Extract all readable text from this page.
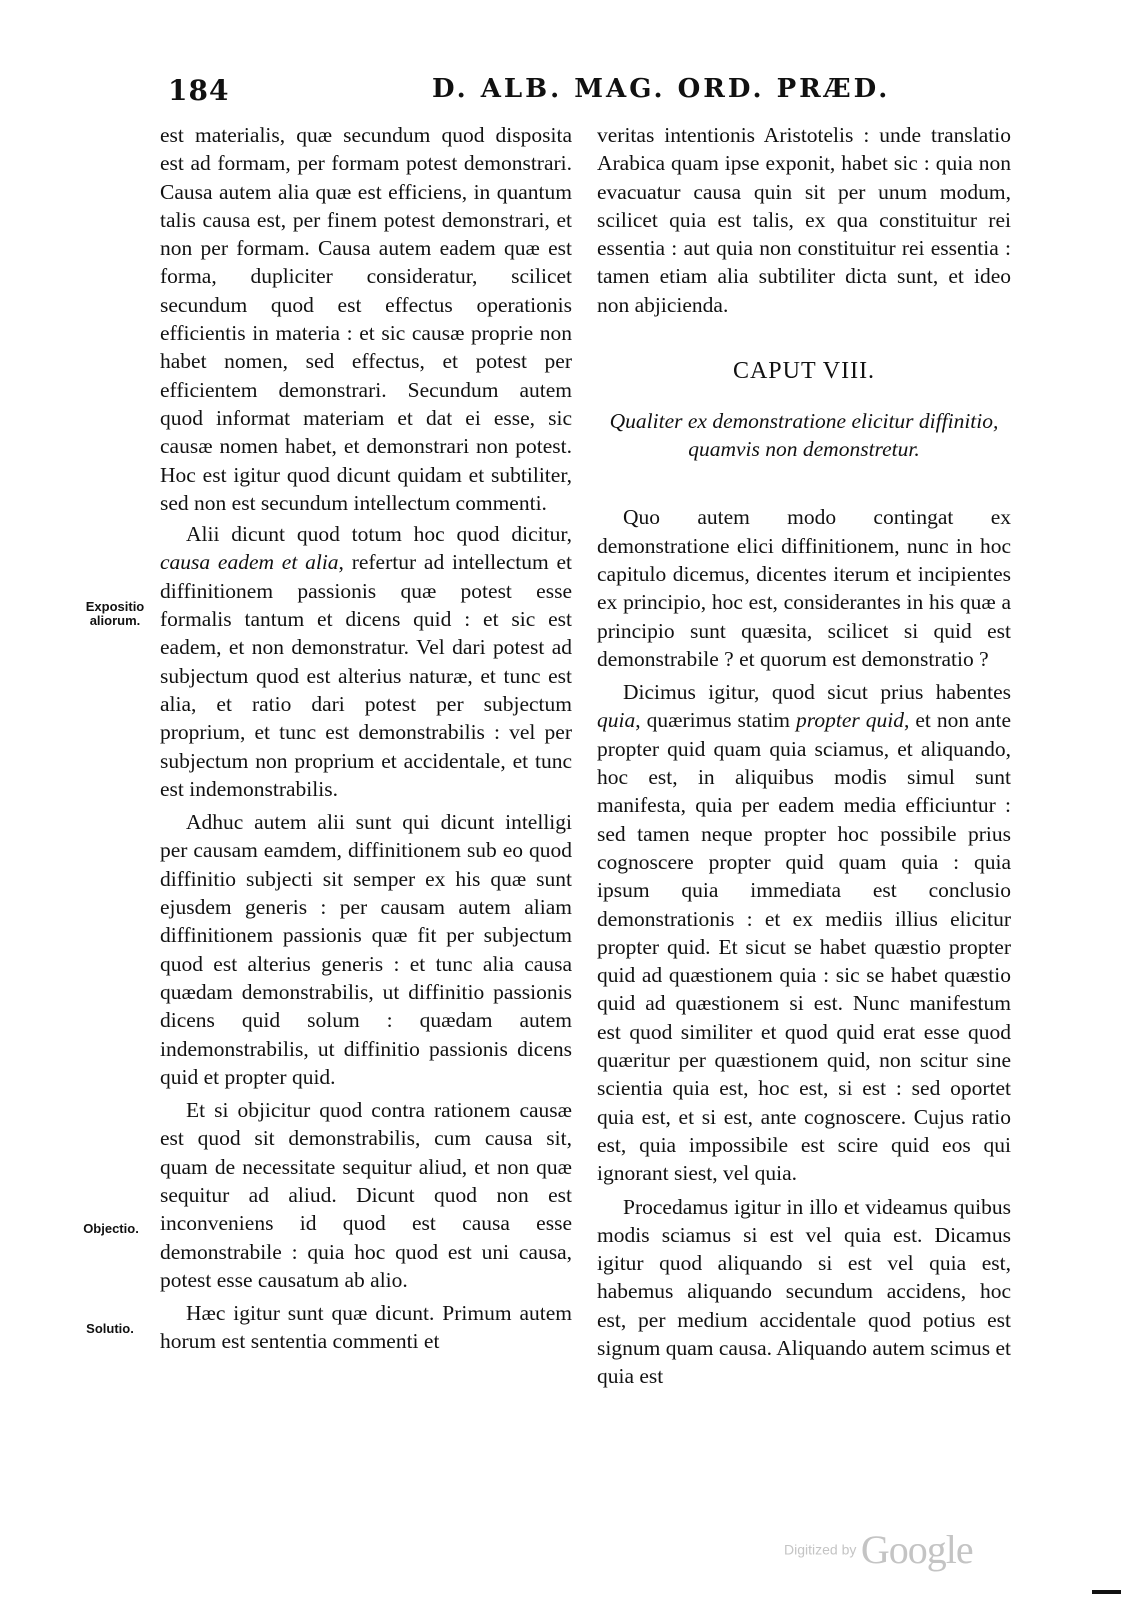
184	D. ALB. MAG. ORD. PRÆD.
Expositio aliorum.
Objectio.
Solutio.

est materialis, quæ secundum quod disposita est ad formam, per formam potest demonstrari. Causa autem alia quæ est efficiens, in quantum talis causa est, per finem potest demonstrari, et non per formam. Causa autem eadem quæ est forma, dupliciter consideratur, scilicet secundum quod est effectus operationis efficientis in materia : et sic causæ proprie non habet nomen, sed effectus, et potest per efficientem demonstrari. Secundum autem quod informat materiam et dat ei esse, sic causæ nomen habet, et demonstrari non potest. Hoc est igitur quod dicunt quidam et subtiliter, sed non est secundum intellectum commenti.

Alii dicunt quod totum hoc quod dicitur, causa eadem et alia, refertur ad intellectum et diffinitionem passionis quæ potest esse formalis tantum et dicens quid : et sic est eadem, et non demonstratur. Vel dari potest ad subjectum quod est alterius naturæ, et tunc est alia, et ratio dari potest per subjectum proprium, et tunc est demonstrabilis : vel per subjectum non proprium et accidentale, et tunc est indemonstrabilis.

Adhuc autem alii sunt qui dicunt intelligi per causam eamdem, diffinitionem sub eo quod diffinitio subjecti sit semper ex his quæ sunt ejusdem generis : per causam autem aliam diffinitionem passionis quæ fit per subjectum quod est alterius generis : et tunc alia causa quædam demonstrabilis, ut diffinitio passionis dicens quid solum : quædam autem indemonstrabilis, ut diffinitio passionis dicens quid et propter quid.

Et si objicitur quod contra rationem causæ est quod sit demonstrabilis, cum causa sit, quam de necessitate sequitur aliud, et non quæ sequitur ad aliud. Dicunt quod non est inconveniens id quod est causa esse demonstrabile : quia hoc quod est uni causa, potest esse causatum ab alio.

Hæc igitur sunt quæ dicunt. Primum autem horum est sententia commenti et

veritas intentionis Aristotelis : unde translatio Arabica quam ipse exponit, habet sic : quia non evacuatur causa quin sit per unum modum, scilicet quia est talis, ex qua constituitur rei essentia : aut quia non constituitur rei essentia : tamen etiam alia subtiliter dicta sunt, et ideo non abjicienda.

CAPUT VIII.
Qualiter ex demonstratione elicitur diffinitio, quamvis non demonstretur.

Quo autem modo contingat ex demonstratione elici diffinitionem, nunc in hoc capitulo dicemus, dicentes iterum et incipientes ex principio, hoc est, considerantes in his quæ a principio sunt quæsita, scilicet si quid est demonstrabile ? et quorum est demonstratio ?

Dicimus igitur, quod sicut prius habentes quia, quærimus statim propter quid, et non ante propter quid quam quia sciamus, et aliquando, hoc est, in aliquibus modis simul sunt manifesta, quia per eadem media efficiuntur : sed tamen neque propter hoc possibile prius cognoscere propter quid quam quia : quia ipsum quia immediata est conclusio demonstrationis : et ex mediis illius elicitur propter quid. Et sicut se habet quæstio propter quid ad quæstionem quia : sic se habet quæstio quid ad quæstionem si est. Nunc manifestum est quod similiter et quod quid erat esse quod quæritur per quæstionem quid, non scitur sine scientia quia est, hoc est, si est : sed oportet quia est, et si est, ante cognoscere. Cujus ratio est, quia impossibile est scire quid eos qui ignorant siest, vel quia.

Procedamus igitur in illo et videamus quibus modis sciamus si est vel quia est. Dicamus igitur quod aliquando si est vel quia est, habemus aliquando secundum accidens, hoc est, per medium accidentale quod potius est signum quam causa. Aliquando autem scimus et quia est

Digitized by Google
